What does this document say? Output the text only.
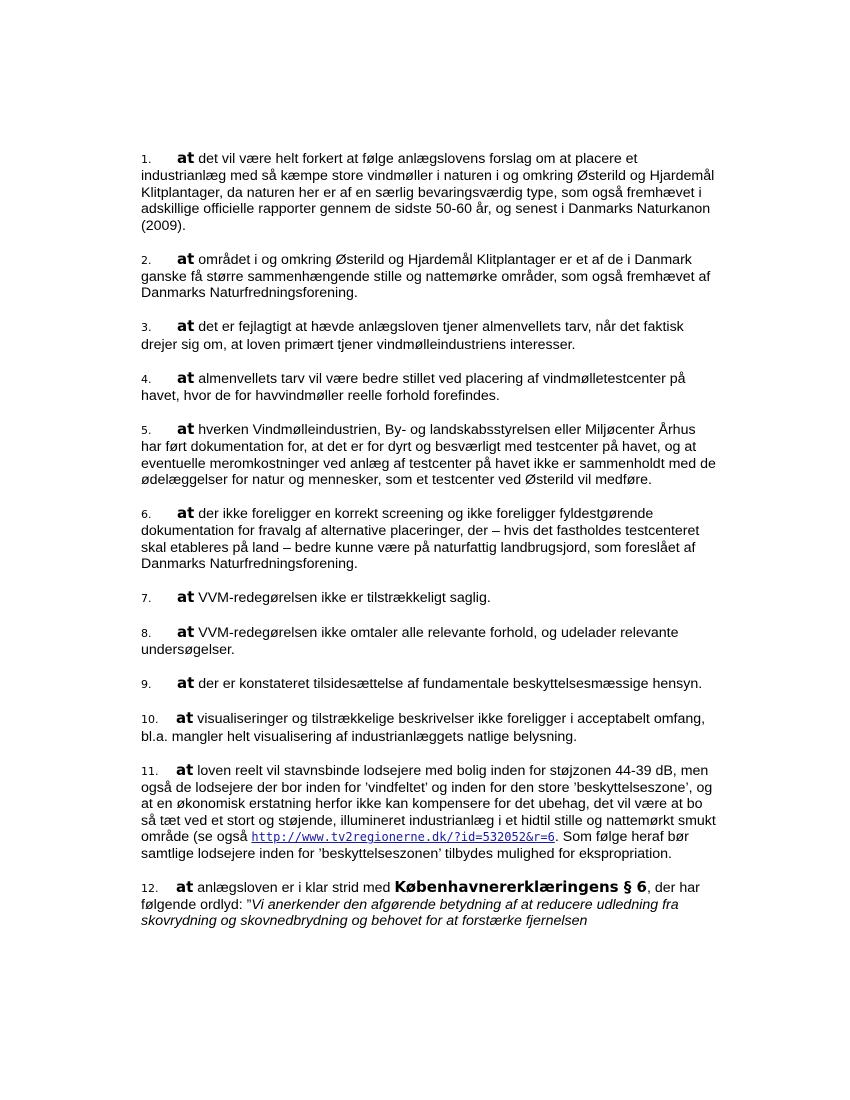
1. at det vil være helt forkert at følge anlægslovens forslag om at placere et industrianlæg med så kæmpe store vindmøller i naturen i og omkring Østerild og Hjardemål Klitplantager, da naturen her er af en særlig bevaringsværdig type, som også fremhævet i adskillige officielle rapporter gennem de sidste 50-60 år, og senest i Danmarks Naturkanon (2009).

2. at området i og omkring Østerild og Hjardemål Klitplantager er et af de i Danmark ganske få større sammenhængende stille og nattemørke områder, som også fremhævet af Danmarks Naturfredningsforening.

3. at det er fejlagtigt at hævde anlægsloven tjener almenvellets tarv, når det faktisk drejer sig om, at loven primært tjener vindmølleindustriens interesser.

4. at almenvellets tarv vil være bedre stillet ved placering af vindmølletestcenter på havet, hvor de for havvindmøller reelle forhold forefindes.

5. at hverken Vindmølleindustrien, By- og landskabsstyrelsen eller Miljøcenter Århus har ført dokumentation for, at det er for dyrt og besværligt med testcenter på havet, og at eventuelle meromkostninger ved anlæg af testcenter på havet ikke er sammenholdt med de ødelæggelser for natur og mennesker, som et testcenter ved Østerild vil medføre.

6. at der ikke foreligger en korrekt screening og ikke foreligger fyldestgørende dokumentation for fravalg af alternative placeringer, der – hvis det fastholdes testcenteret skal etableres på land – bedre kunne være på naturfattig landbrugsjord, som foreslået af Danmarks Naturfredningsforening.

7. at VVM-redegørelsen ikke er tilstrækkeligt saglig.

8. at VVM-redegørelsen ikke omtaler alle relevante forhold, og udelader relevante undersøgelser.

9. at der er konstateret tilsidesættelse af fundamentale beskyttelsesmæssige hensyn.

10. at visualiseringer og tilstrækkelige beskrivelser ikke foreligger i acceptabelt omfang, bl.a. mangler helt visualisering af industrianlæggets natlige belysning.

11. at loven reelt vil stavnsbinde lodsejere med bolig inden for støjzonen 44-39 dB, men også de lodsejere der bor inden for ’vindfeltet’ og inden for den store ’beskyttelseszone’, og at en økonomisk erstatning herfor ikke kan kompensere for det ubehag, det vil være at bo så tæt ved et stort og støjende, illumineret industrianlæg i et hidtil stille og nattemørkt smukt område (se også http://www.tv2regionerne.dk/?id=532052&r=6. Som følge heraf bør samtlige lodsejere inden for ’beskyttelseszonen’ tilbydes mulighed for ekspropriation.

12. at anlægsloven er i klar strid med Københavnererklæringens § 6, der har følgende ordlyd: ”Vi anerkender den afgørende betydning af at reducere udledning fra skovrydning og skovnedbrydning og behovet for at forstærke fjernelsen
